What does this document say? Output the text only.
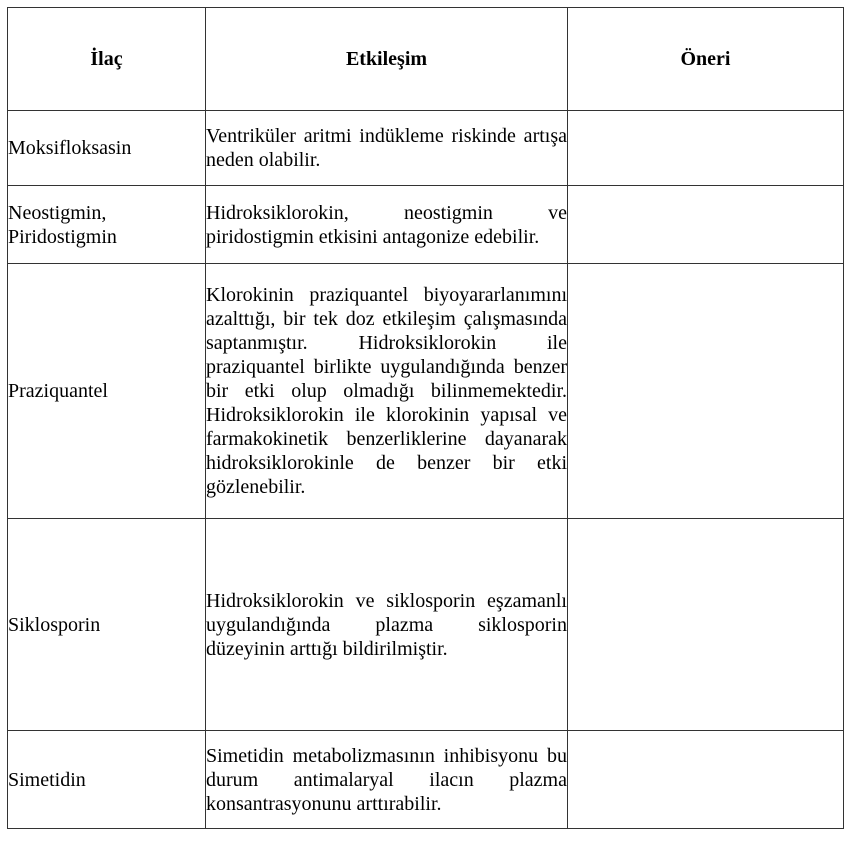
İlaç	Etkileşim	Öneri
Moksifloksasin	Ventriküler aritmi indükleme riskinde artışa neden olabilir.	

Neostigmin, Piridostigmin	Hidroksiklorokin, neostigmin ve piridostigmin etkisini antagonize edebilir.	

Praziquantel	Klorokinin praziquantel biyoyararlanımını azalttığı, bir tek doz etkileşim çalışmasında saptanmıştır. Hidroksiklorokin ile praziquantel birlikte uygulandığında benzer bir etki olup olmadığı bilinmemektedir. Hidroksiklorokin ile klorokinin yapısal ve farmakokinetik benzerliklerine dayanarak hidroksiklorokinle de benzer bir etki gözlenebilir.	

Siklosporin	Hidroksiklorokin ve siklosporin eşzamanlı uygulandığında plazma siklosporin düzeyinin arttığı bildirilmiştir.	

Simetidin	Simetidin metabolizmasının inhibisyonu bu durum antimalaryal ilacın plazma konsantrasyonunu arttırabilir.	
